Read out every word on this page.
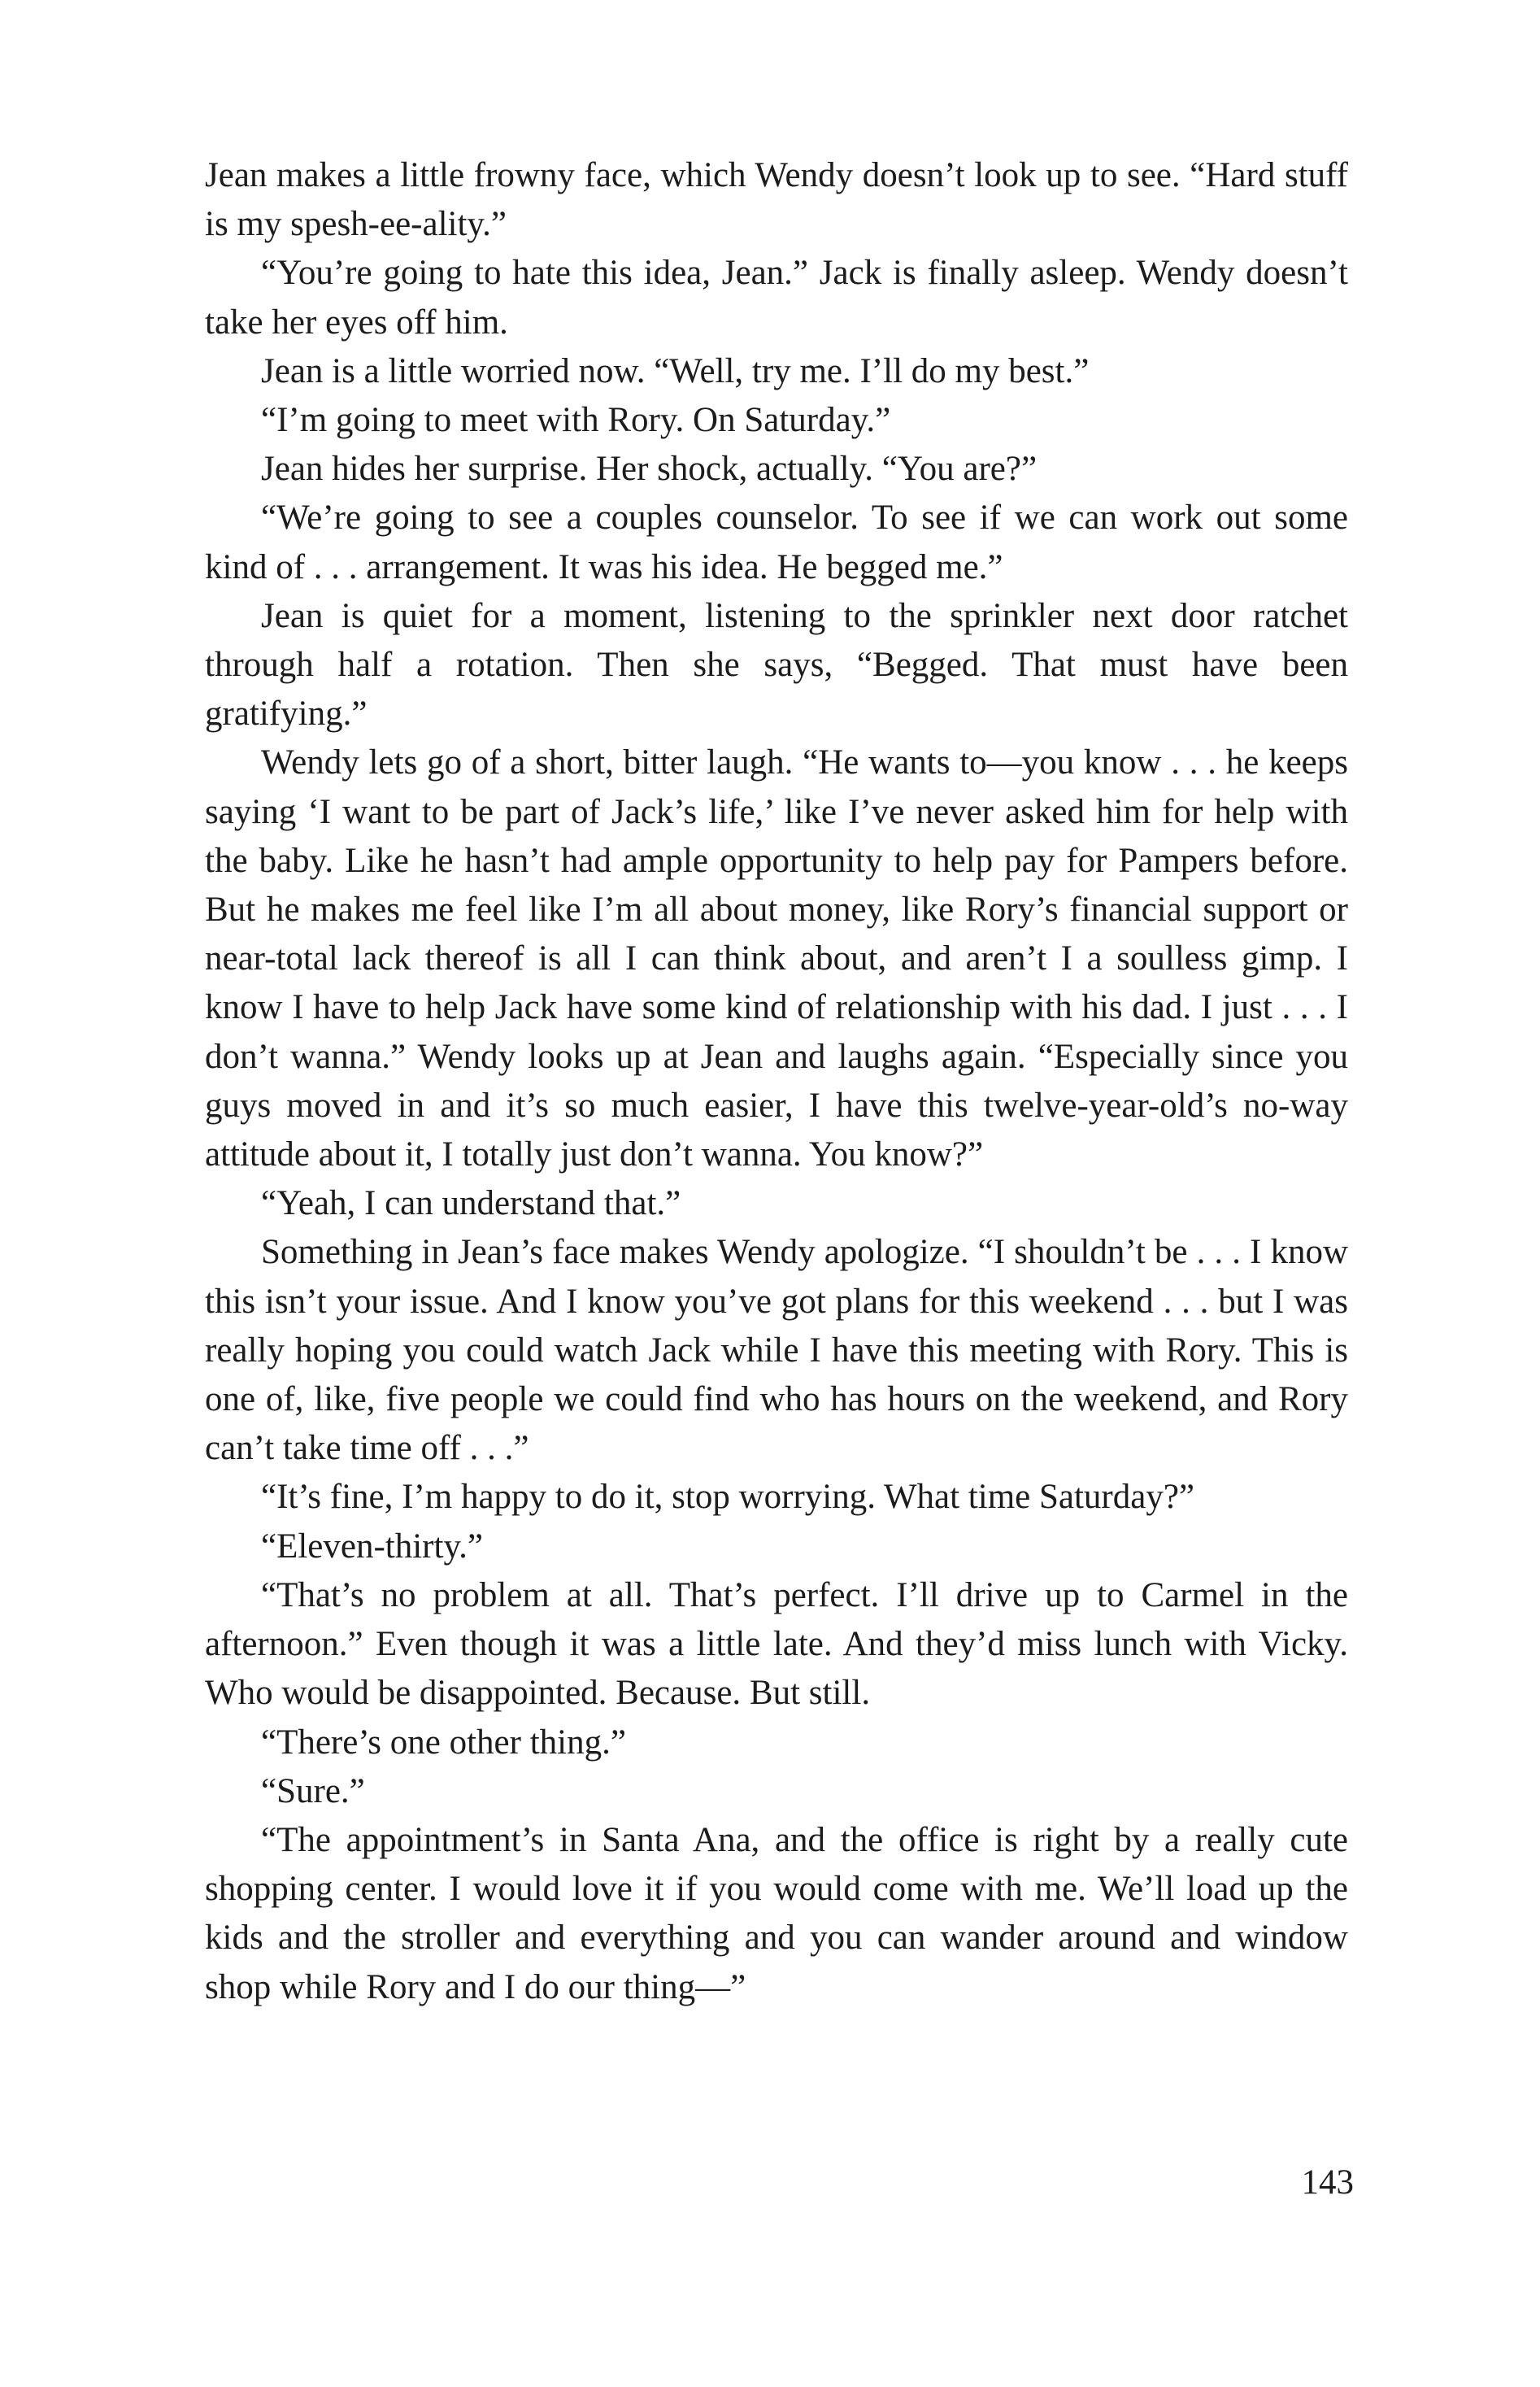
Jean makes a little frowny face, which Wendy doesn’t look up to see. “Hard stuff is my spesh-ee-ality.”

“You’re going to hate this idea, Jean.” Jack is finally asleep. Wendy doesn’t take her eyes off him.

Jean is a little worried now. “Well, try me. I’ll do my best.”

“I’m going to meet with Rory. On Saturday.”

Jean hides her surprise. Her shock, actually. “You are?”

“We’re going to see a couples counselor. To see if we can work out some kind of . . . arrangement. It was his idea. He begged me.”

Jean is quiet for a moment, listening to the sprinkler next door ratchet through half a rotation. Then she says, “Begged. That must have been gratifying.”

Wendy lets go of a short, bitter laugh. “He wants to—you know . . . he keeps saying ‘I want to be part of Jack’s life,’ like I’ve never asked him for help with the baby. Like he hasn’t had ample opportunity to help pay for Pampers before. But he makes me feel like I’m all about money, like Rory’s financial support or near-total lack thereof is all I can think about, and aren’t I a soulless gimp. I know I have to help Jack have some kind of relationship with his dad. I just . . . I don’t wanna.” Wendy looks up at Jean and laughs again. “Especially since you guys moved in and it’s so much easier, I have this twelve-year-old’s no-way attitude about it, I totally just don’t wanna. You know?”

“Yeah, I can understand that.”

Something in Jean’s face makes Wendy apologize. “I shouldn’t be . . . I know this isn’t your issue. And I know you’ve got plans for this weekend . . . but I was really hoping you could watch Jack while I have this meeting with Rory. This is one of, like, five people we could find who has hours on the weekend, and Rory can’t take time off . . .”

“It’s fine, I’m happy to do it, stop worrying. What time Saturday?”

“Eleven-thirty.”

“That’s no problem at all. That’s perfect. I’ll drive up to Carmel in the afternoon.” Even though it was a little late. And they’d miss lunch with Vicky. Who would be disappointed. Because. But still.

“There’s one other thing.”

“Sure.”

“The appointment’s in Santa Ana, and the office is right by a really cute shopping center. I would love it if you would come with me. We’ll load up the kids and the stroller and everything and you can wander around and window shop while Rory and I do our thing—”

143
